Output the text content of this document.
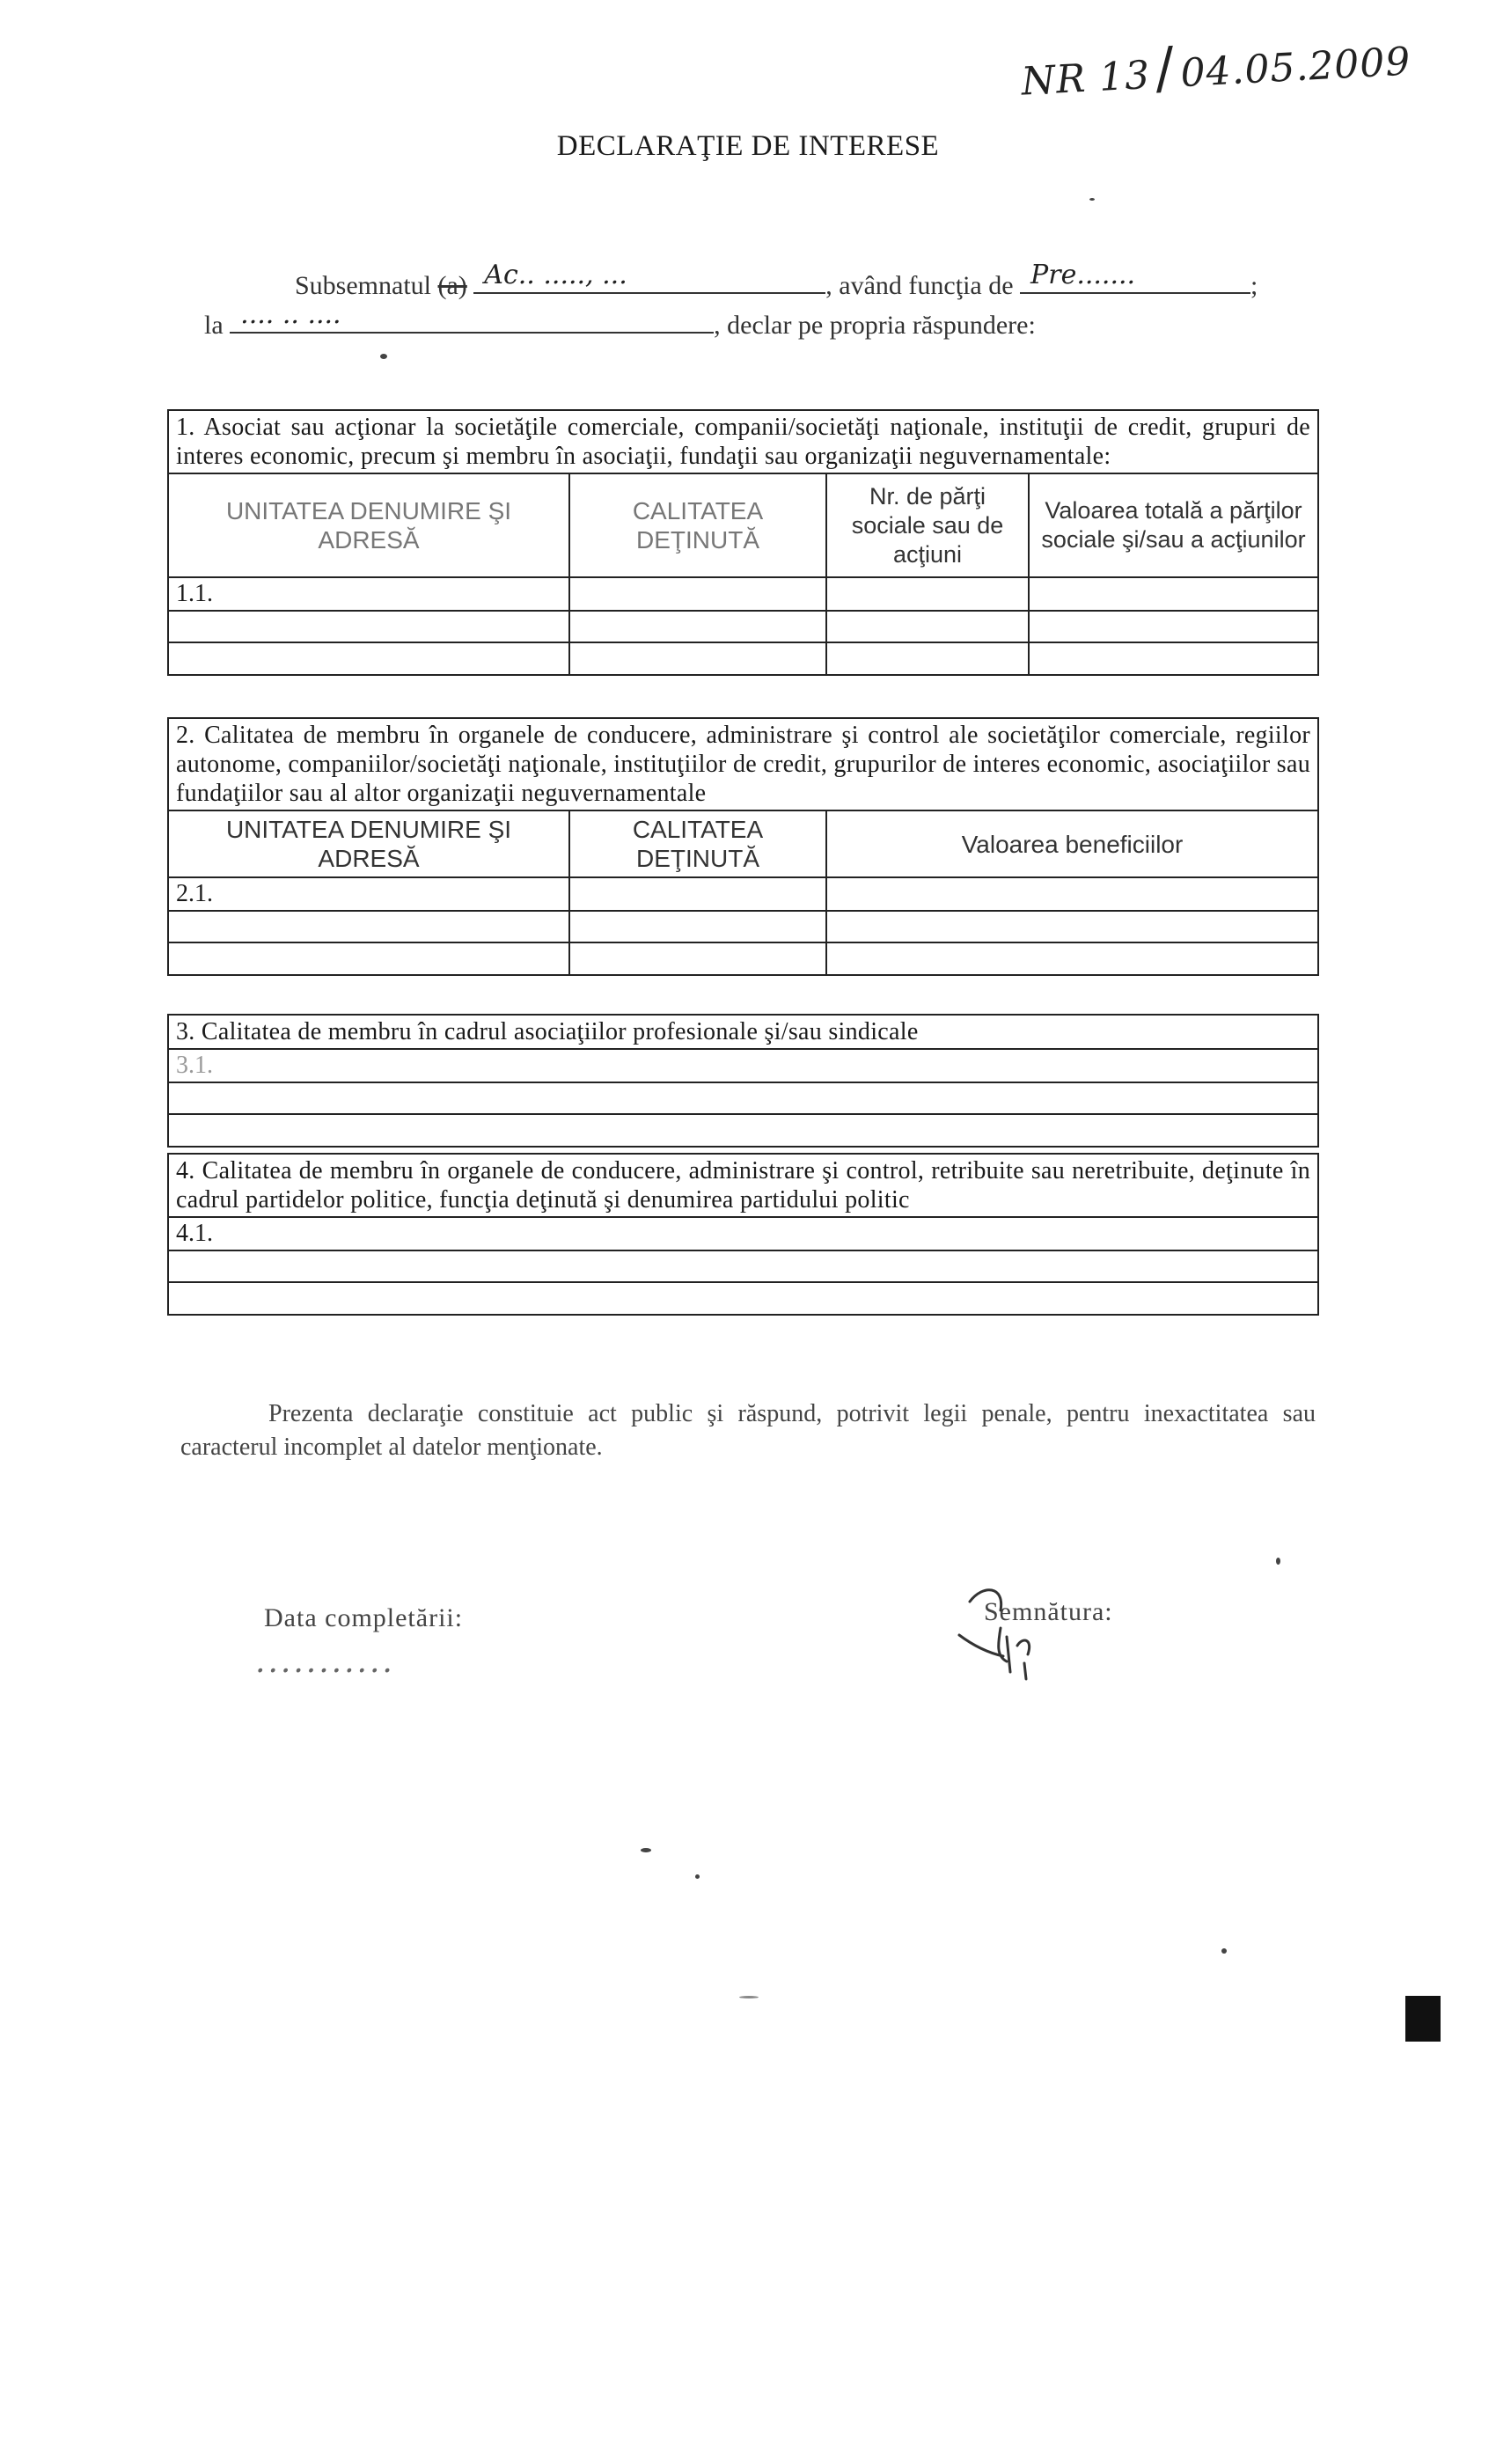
NR 13/04.05.2009
DECLARAŢIE DE INTERESE
Subsemnatul (a) Ac.. ....., ...	, având funcţia de Pre.......	;
la .... .. ....	, declar pe propria răspundere:
1. Asociat sau acţionar la societăţile comerciale, companii/societăţi naţionale, instituţii de credit, grupuri de interes economic, precum şi membru în asociaţii, fundaţii sau organizaţii neguvernamentale:			
UNITATEA DENUMIRE ŞI ADRESĂ	CALITATEA DEŢINUTĂ	Nr. de părţi sociale sau de acţiuni	Valoarea totală a părţilor sociale şi/sau a acţiunilor
1.1.			

2. Calitatea de membru în organele de conducere, administrare şi control ale societăţilor comerciale, regiilor autonome, companiilor/societăţi naţionale, instituţiilor de credit, grupurilor de interes economic, asociaţiilor sau fundaţiilor sau al altor organizaţii neguvernamentale		
UNITATEA DENUMIRE ŞI ADRESĂ	CALITATEA DEŢINUTĂ	Valoarea beneficiilor
2.1.		

3. Calitatea de membru în cadrul asociaţiilor profesionale şi/sau sindicale
3.1.

4. Calitatea de membru în organele de conducere, administrare şi control, retribuite sau neretribuite, deţinute în cadrul partidelor politice, funcţia deţinută şi denumirea partidului politic
4.1.

Prezenta declaraţie constituie act public şi răspund, potrivit legii penale, pentru inexactitatea sau caracterul incomplet al datelor menţionate.
Data completării:
...........
Semnătura:
